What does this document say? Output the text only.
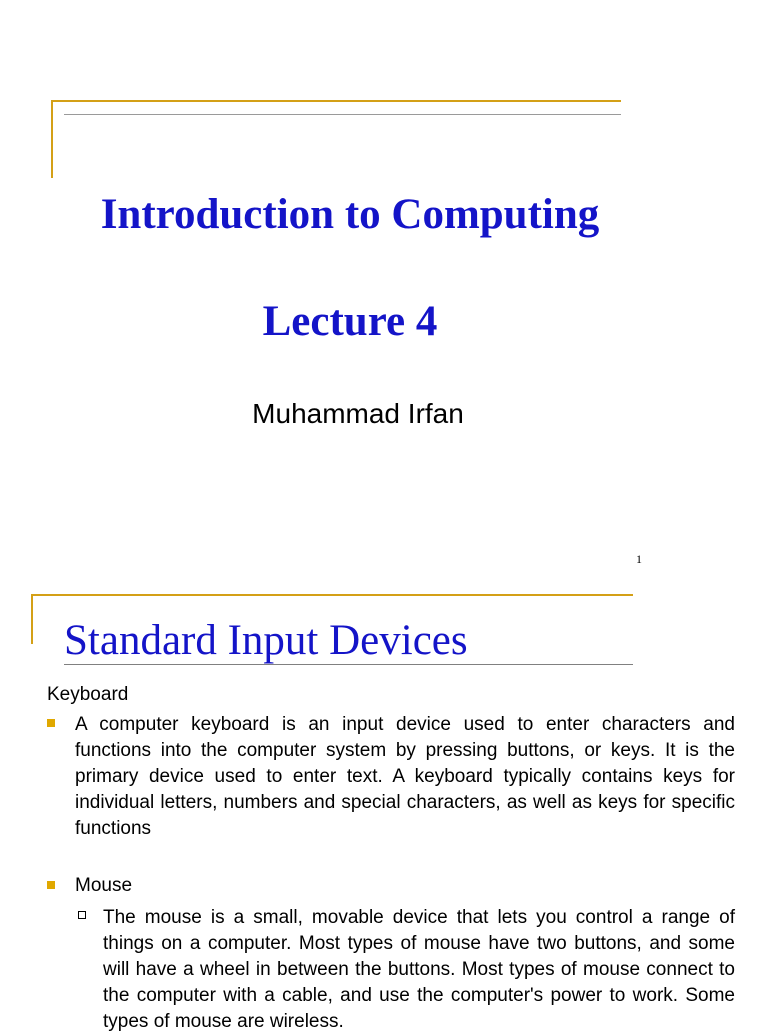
Introduction to Computing
Lecture 4
Muhammad Irfan
1
Standard Input Devices
Keyboard
A computer keyboard is an input device used to enter characters and functions into the computer system by pressing buttons, or keys. It is the primary device used to enter text. A keyboard typically contains keys for individual letters, numbers and special characters, as well as keys for specific functions
Mouse
The mouse is a small, movable device that lets you control a range of things on a computer. Most types of mouse have two buttons, and some will have a wheel in between the buttons. Most types of mouse connect to the computer with a cable, and use the computer's power to work. Some types of mouse are wireless.
